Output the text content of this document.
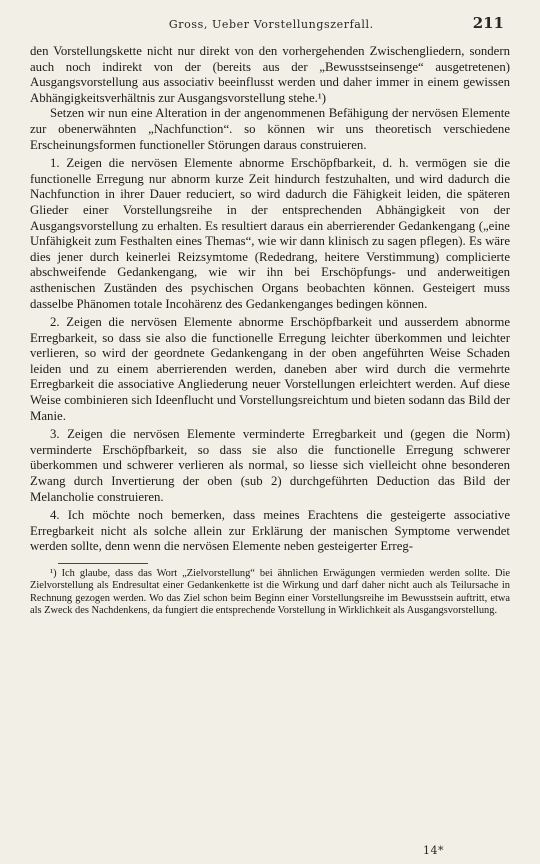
Gross, Ueber Vorstellungszerfall.	211

den Vorstellungskette nicht nur direkt von den vorhergehenden Zwischengliedern, sondern auch noch indirekt von der (bereits aus der „Bewusstseinsenge“ ausgetretenen) Ausgangsvorstellung aus associativ beeinflusst werden und daher immer in einem gewissen Abhängigkeitsverhältnis zur Ausgangsvorstellung stehe.¹)

Setzen wir nun eine Alteration in der angenommenen Befähigung der nervösen Elemente zur obenerwähnten „Nachfunction“. so können wir uns theoretisch verschiedene Erscheinungsformen functioneller Störungen daraus construieren.

1. Zeigen die nervösen Elemente abnorme Erschöpfbarkeit, d. h. vermögen sie die functionelle Erregung nur abnorm kurze Zeit hindurch festzuhalten, und wird dadurch die Nachfunction in ihrer Dauer reduciert, so wird dadurch die Fähigkeit leiden, die späteren Glieder einer Vorstellungsreihe in der entsprechenden Abhängigkeit von der Ausgangsvorstellung zu erhalten. Es resultiert daraus ein aberrierender Gedankengang („eine Unfähigkeit zum Festhalten eines Themas“, wie wir dann klinisch zu sagen pflegen). Es wäre dies jener durch keinerlei Reizsymtome (Rededrang, heitere Verstimmung) complicierte abschweifende Gedankengang, wie wir ihn bei Erschöpfungs- und anderweitigen asthenischen Zuständen des psychischen Organs beobachten können. Gesteigert muss dasselbe Phänomen totale Incohärenz des Gedankenganges bedingen können.

2. Zeigen die nervösen Elemente abnorme Erschöpfbarkeit und ausserdem abnorme Erregbarkeit, so dass sie also die functionelle Erregung leichter überkommen und leichter verlieren, so wird der geordnete Gedankengang in der oben angeführten Weise Schaden leiden und zu einem aberrierenden werden, daneben aber wird durch die vermehrte Erregbarkeit die associative Angliederung neuer Vorstellungen erleichtert werden. Auf diese Weise combinieren sich Ideenflucht und Vorstellungsreichtum und bieten sodann das Bild der Manie.

3. Zeigen die nervösen Elemente verminderte Erregbarkeit und (gegen die Norm) verminderte Erschöpfbarkeit, so dass sie also die functionelle Erregung schwerer überkommen und schwerer verlieren als normal, so liesse sich vielleicht ohne besonderen Zwang durch Invertierung der oben (sub 2) durchgeführten Deduction das Bild der Melancholie construieren.

4. Ich möchte noch bemerken, dass meines Erachtens die gesteigerte associative Erregbarkeit nicht als solche allein zur Erklärung der manischen Symptome verwendet werden sollte, denn wenn die nervösen Elemente neben gesteigerter Erreg-

¹) Ich glaube, dass das Wort „Zielvorstellung“ bei ähnlichen Erwägungen vermieden werden sollte. Die Zielvorstellung als Endresultat einer Gedankenkette ist die Wirkung und darf daher nicht auch als Teilursache in Rechnung gezogen werden. Wo das Ziel schon beim Beginn einer Vorstellungsreihe im Bewusstsein auftritt, etwa als Zweck des Nachdenkens, da fungiert die entsprechende Vorstellung in Wirklichkeit als Ausgangsvorstellung.

14*
